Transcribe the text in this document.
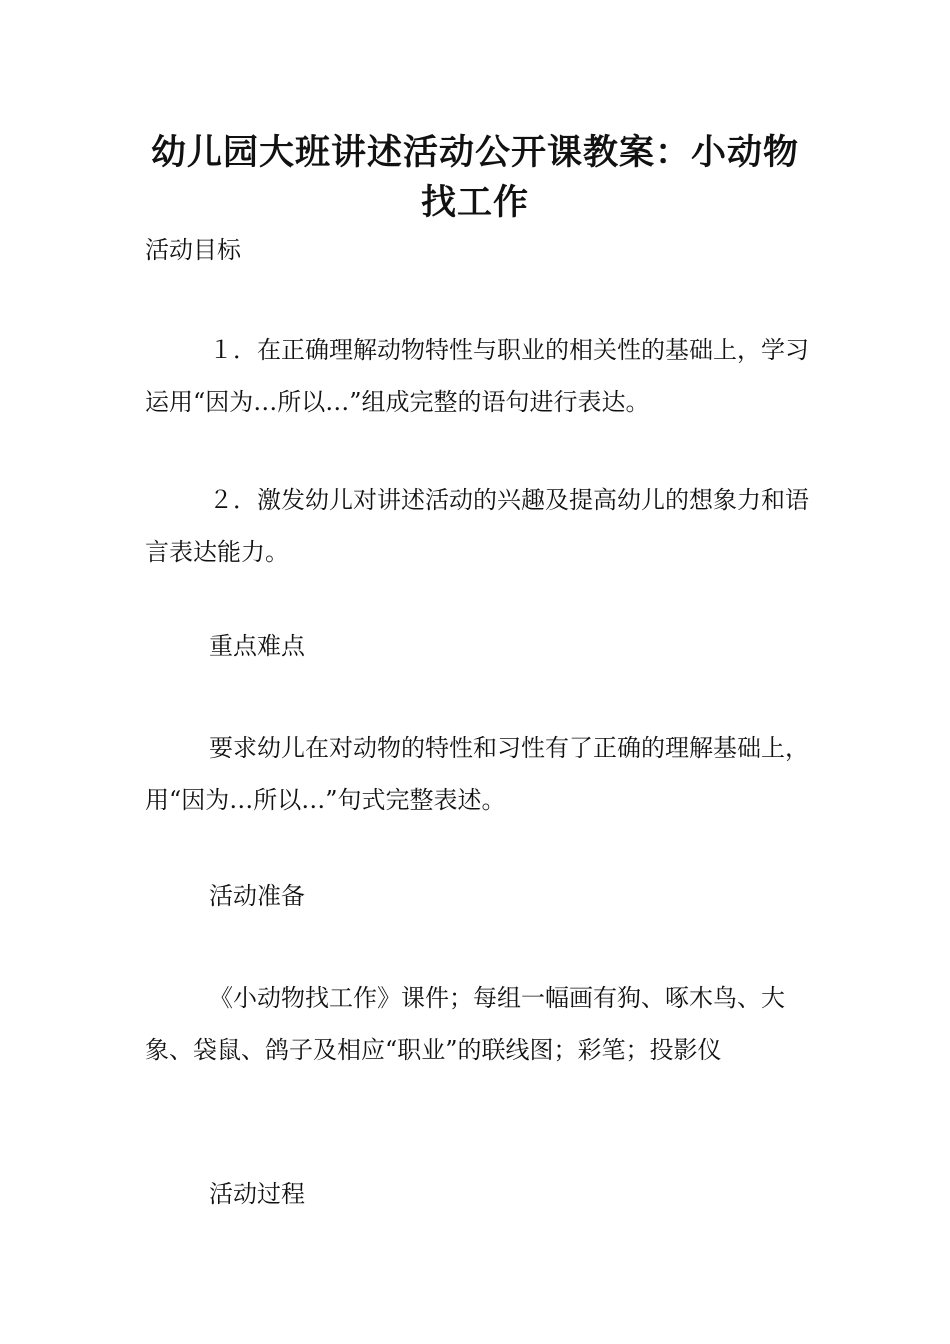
幼儿园大班讲述活动公开课教案：小动物找工作

活动目标

１．在正确理解动物特性与职业的相关性的基础上，学习运用“因为…所以…”组成完整的语句进行表达。

２．激发幼儿对讲述活动的兴趣及提高幼儿的想象力和语言表达能力。

重点难点

要求幼儿在对动物的特性和习性有了正确的理解基础上，用“因为…所以…”句式完整表述。

活动准备

《小动物找工作》课件；每组一幅画有狗、啄木鸟、大象、袋鼠、鸽子及相应“职业”的联线图；彩笔；投影仪

活动过程
